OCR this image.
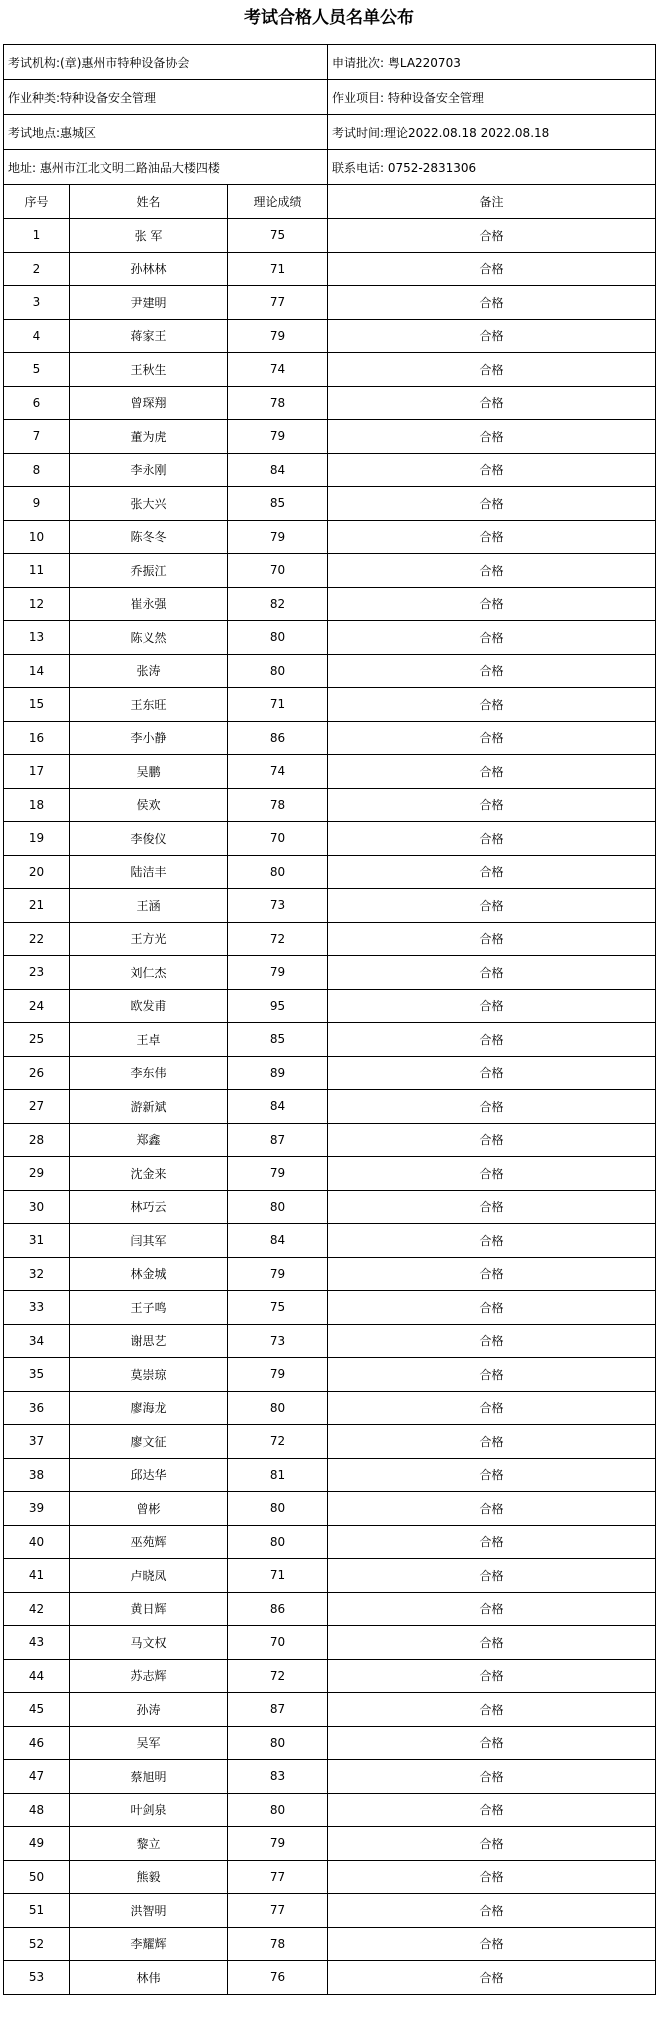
考试合格人员名单公布
考试机构:(章)惠州市特种设备协会			申请批次: 粤LA220703
作业种类:特种设备安全管理			作业项目: 特种设备安全管理
考试地点:惠城区			考试时间:理论2022.08.18 2022.08.18
地址: 惠州市江北文明二路油品大楼四楼			联系电话: 0752-2831306
序号	姓名	理论成绩	备注
1	张 军	75	合格
2	孙林林	71	合格
3	尹建明	77	合格
4	蒋家王	79	合格
5	王秋生	74	合格
6	曾琛翔	78	合格
7	董为虎	79	合格
8	李永刚	84	合格
9	张大兴	85	合格
10	陈冬冬	79	合格
11	乔振江	70	合格
12	崔永强	82	合格
13	陈义然	80	合格
14	张涛	80	合格
15	王东旺	71	合格
16	李小静	86	合格
17	吴鹏	74	合格
18	侯欢	78	合格
19	李俊仪	70	合格
20	陆洁丰	80	合格
21	王涵	73	合格
22	王方光	72	合格
23	刘仁杰	79	合格
24	欧发甫	95	合格
25	王卓	85	合格
26	李东伟	89	合格
27	游新斌	84	合格
28	郑鑫	87	合格
29	沈金来	79	合格
30	林巧云	80	合格
31	闫其军	84	合格
32	林金城	79	合格
33	王子鸣	75	合格
34	谢思艺	73	合格
35	莫崇琼	79	合格
36	廖海龙	80	合格
37	廖文征	72	合格
38	邱达华	81	合格
39	曾彬	80	合格
40	巫苑辉	80	合格
41	卢晓凤	71	合格
42	黄日辉	86	合格
43	马文权	70	合格
44	苏志辉	72	合格
45	孙涛	87	合格
46	吴军	80	合格
47	蔡旭明	83	合格
48	叶剑泉	80	合格
49	黎立	79	合格
50	熊毅	77	合格
51	洪智明	77	合格
52	李耀辉	78	合格
53	林伟	76	合格
